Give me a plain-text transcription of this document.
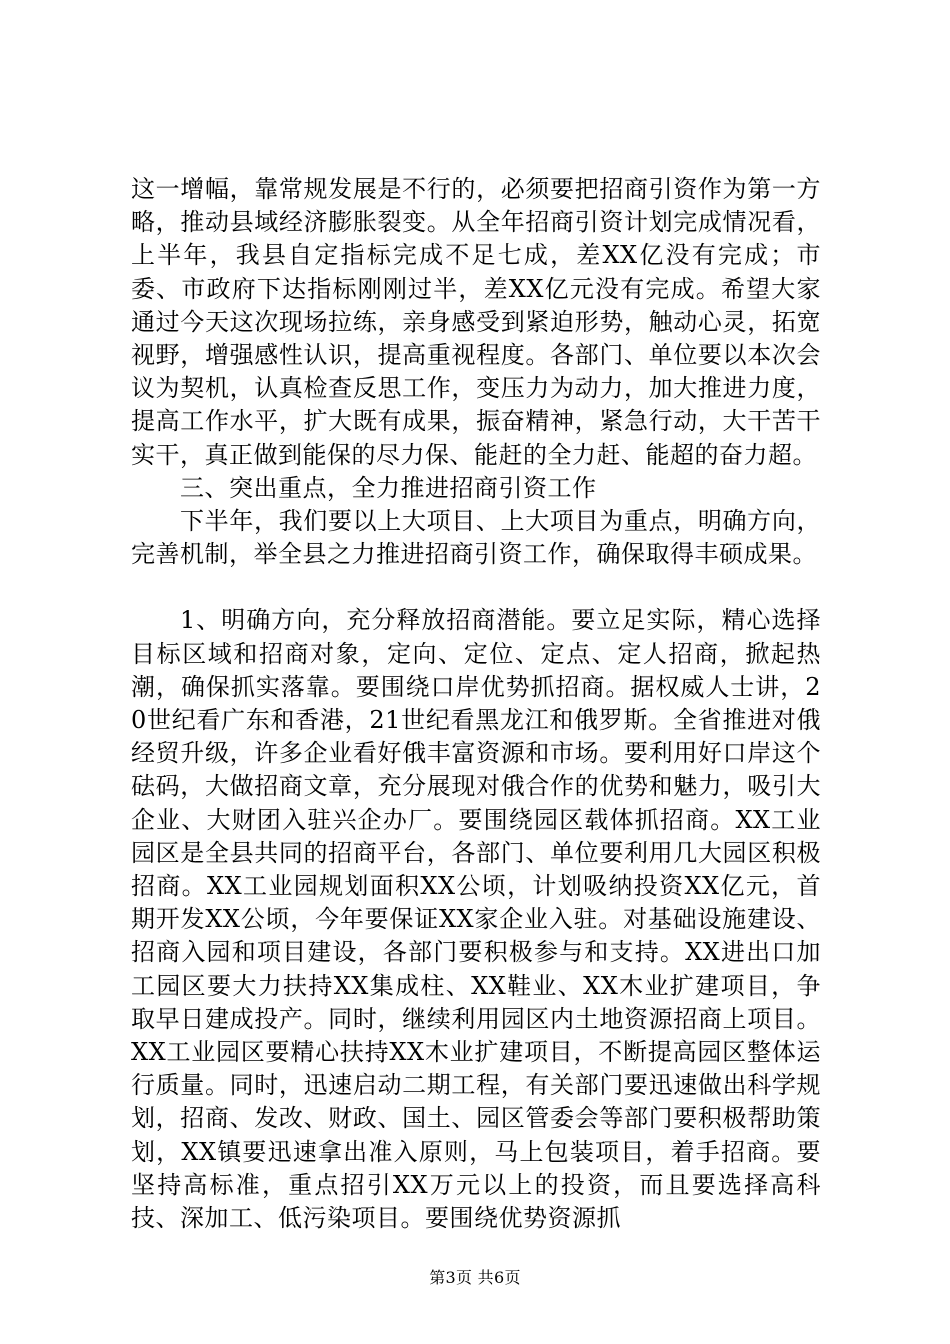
这一增幅，靠常规发展是不行的，必须要把招商引资作为第一方略，推动县域经济膨胀裂变。从全年招商引资计划完成情况看，上半年，我县自定指标完成不足七成，差XX亿没有完成；市委、市政府下达指标刚刚过半，差XX亿元没有完成。希望大家通过今天这次现场拉练，亲身感受到紧迫形势，触动心灵，拓宽视野，增强感性认识，提高重视程度。各部门、单位要以本次会议为契机，认真检查反思工作，变压力为动力，加大推进力度，提高工作水平，扩大既有成果，振奋精神，紧急行动，大干苦干实干，真正做到能保的尽力保、能赶的全力赶、能超的奋力超。

三、突出重点，全力推进招商引资工作

下半年，我们要以上大项目、上大项目为重点，明确方向，完善机制，举全县之力推进招商引资工作，确保取得丰硕成果。

1、明确方向，充分释放招商潜能。要立足实际，精心选择目标区域和招商对象，定向、定位、定点、定人招商，掀起热潮，确保抓实落靠。要围绕口岸优势抓招商。据权威人士讲，20世纪看广东和香港，21世纪看黑龙江和俄罗斯。全省推进对俄经贸升级，许多企业看好俄丰富资源和市场。要利用好口岸这个砝码，大做招商文章，充分展现对俄合作的优势和魅力，吸引大企业、大财团入驻兴企办厂。要围绕园区载体抓招商。XX工业园区是全县共同的招商平台，各部门、单位要利用几大园区积极招商。XX工业园规划面积XX公顷，计划吸纳投资XX亿元，首期开发XX公顷，今年要保证XX家企业入驻。对基础设施建设、招商入园和项目建设，各部门要积极参与和支持。XX进出口加工园区要大力扶持XX集成柱、XX鞋业、XX木业扩建项目，争取早日建成投产。同时，继续利用园区内土地资源招商上项目。XX工业园区要精心扶持XX木业扩建项目，不断提高园区整体运行质量。同时，迅速启动二期工程，有关部门要迅速做出科学规划，招商、发改、财政、国土、园区管委会等部门要积极帮助策划，XX镇要迅速拿出准入原则，马上包装项目，着手招商。要坚持高标准，重点招引XX万元以上的投资，而且要选择高科技、深加工、低污染项目。要围绕优势资源抓

第3页 共6页
